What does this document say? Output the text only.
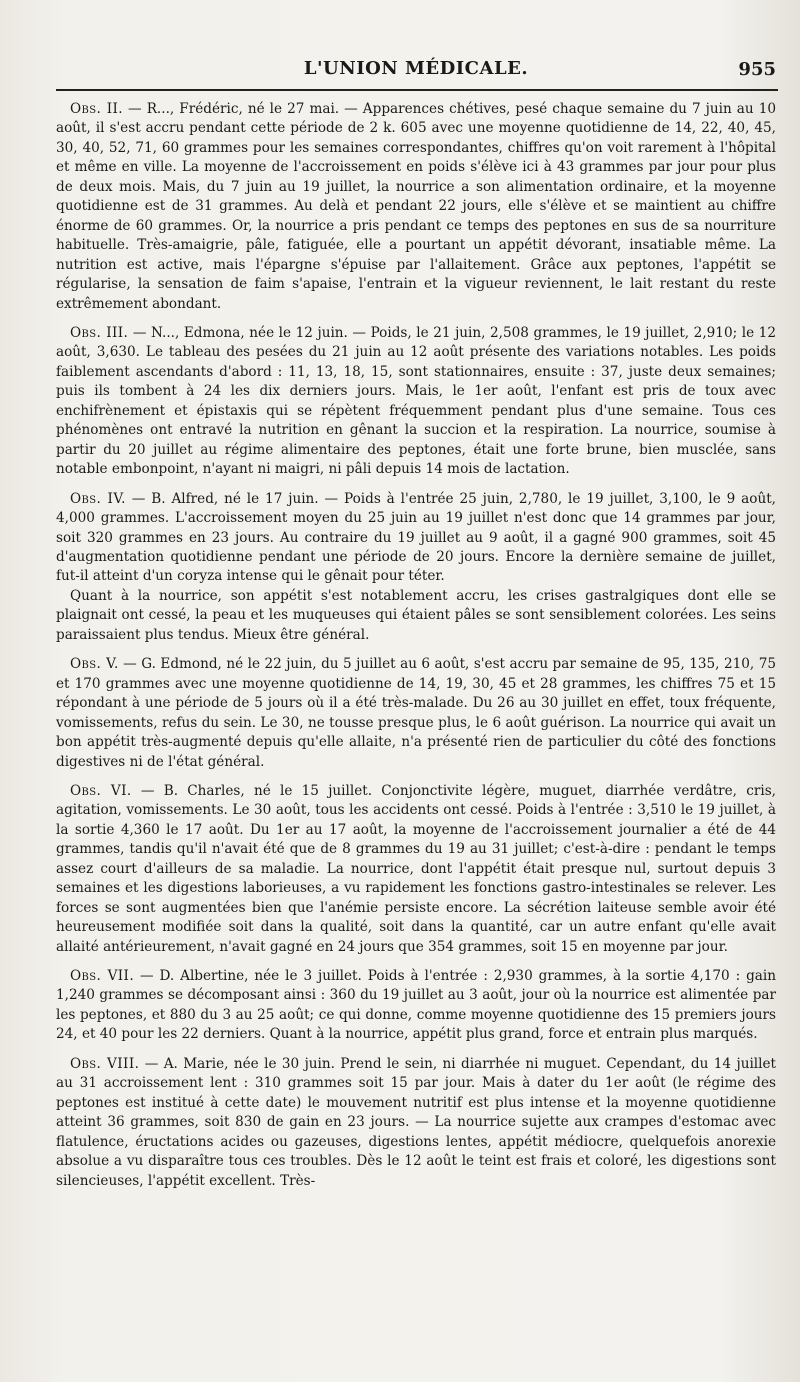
L'UNION MÉDICALE.	955

Obs. II. — R..., Frédéric, né le 27 mai. — Apparences chétives, pesé chaque semaine du 7 juin au 10 août, il s'est accru pendant cette période de 2 k. 605 avec une moyenne quotidienne de 14, 22, 40, 45, 30, 40, 52, 71, 60 grammes pour les semaines correspondantes, chiffres qu'on voit rarement à l'hôpital et même en ville. La moyenne de l'accroissement en poids s'élève ici à 43 grammes par jour pour plus de deux mois. Mais, du 7 juin au 19 juillet, la nourrice a son alimentation ordinaire, et la moyenne quotidienne est de 31 grammes. Au delà et pendant 22 jours, elle s'élève et se maintient au chiffre énorme de 60 grammes. Or, la nourrice a pris pendant ce temps des peptones en sus de sa nourriture habituelle. Très-amaigrie, pâle, fatiguée, elle a pourtant un appétit dévorant, insatiable même. La nutrition est active, mais l'épargne s'épuise par l'allaitement. Grâce aux peptones, l'appétit se régularise, la sensation de faim s'apaise, l'entrain et la vigueur reviennent, le lait restant du reste extrêmement abondant.

Obs. III. — N..., Edmona, née le 12 juin. — Poids, le 21 juin, 2,508 grammes, le 19 juillet, 2,910; le 12 août, 3,630. Le tableau des pesées du 21 juin au 12 août présente des variations notables. Les poids faiblement ascendants d'abord : 11, 13, 18, 15, sont stationnaires, ensuite : 37, juste deux semaines; puis ils tombent à 24 les dix derniers jours. Mais, le 1er août, l'enfant est pris de toux avec enchifrènement et épistaxis qui se répètent fréquemment pendant plus d'une semaine. Tous ces phénomènes ont entravé la nutrition en gênant la succion et la respiration. La nourrice, soumise à partir du 20 juillet au régime alimentaire des peptones, était une forte brune, bien musclée, sans notable embonpoint, n'ayant ni maigri, ni pâli depuis 14 mois de lactation.

Obs. IV. — B. Alfred, né le 17 juin. — Poids à l'entrée 25 juin, 2,780, le 19 juillet, 3,100, le 9 août, 4,000 grammes. L'accroissement moyen du 25 juin au 19 juillet n'est donc que 14 grammes par jour, soit 320 grammes en 23 jours. Au contraire du 19 juillet au 9 août, il a gagné 900 grammes, soit 45 d'augmentation quotidienne pendant une période de 20 jours. Encore la dernière semaine de juillet, fut-il atteint d'un coryza intense qui le gênait pour téter.

Quant à la nourrice, son appétit s'est notablement accru, les crises gastralgiques dont elle se plaignait ont cessé, la peau et les muqueuses qui étaient pâles se sont sensiblement colorées. Les seins paraissaient plus tendus. Mieux être général.

Obs. V. — G. Edmond, né le 22 juin, du 5 juillet au 6 août, s'est accru par semaine de 95, 135, 210, 75 et 170 grammes avec une moyenne quotidienne de 14, 19, 30, 45 et 28 grammes, les chiffres 75 et 15 répondant à une période de 5 jours où il a été très-malade. Du 26 au 30 juillet en effet, toux fréquente, vomissements, refus du sein. Le 30, ne tousse presque plus, le 6 août guérison. La nourrice qui avait un bon appétit très-augmenté depuis qu'elle allaite, n'a présenté rien de particulier du côté des fonctions digestives ni de l'état général.

Obs. VI. — B. Charles, né le 15 juillet. Conjonctivite légère, muguet, diarrhée verdâtre, cris, agitation, vomissements. Le 30 août, tous les accidents ont cessé. Poids à l'entrée : 3,510 le 19 juillet, à la sortie 4,360 le 17 août. Du 1er au 17 août, la moyenne de l'accroissement journalier a été de 44 grammes, tandis qu'il n'avait été que de 8 grammes du 19 au 31 juillet; c'est-à-dire : pendant le temps assez court d'ailleurs de sa maladie. La nourrice, dont l'appétit était presque nul, surtout depuis 3 semaines et les digestions laborieuses, a vu rapidement les fonctions gastro-intestinales se relever. Les forces se sont augmentées bien que l'anémie persiste encore. La sécrétion laiteuse semble avoir été heureusement modifiée soit dans la qualité, soit dans la quantité, car un autre enfant qu'elle avait allaité antérieurement, n'avait gagné en 24 jours que 354 grammes, soit 15 en moyenne par jour.

Obs. VII. — D. Albertine, née le 3 juillet. Poids à l'entrée : 2,930 grammes, à la sortie 4,170 : gain 1,240 grammes se décomposant ainsi : 360 du 19 juillet au 3 août, jour où la nourrice est alimentée par les peptones, et 880 du 3 au 25 août; ce qui donne, comme moyenne quotidienne des 15 premiers jours 24, et 40 pour les 22 derniers. Quant à la nourrice, appétit plus grand, force et entrain plus marqués.

Obs. VIII. — A. Marie, née le 30 juin. Prend le sein, ni diarrhée ni muguet. Cependant, du 14 juillet au 31 accroissement lent : 310 grammes soit 15 par jour. Mais à dater du 1er août (le régime des peptones est institué à cette date) le mouvement nutritif est plus intense et la moyenne quotidienne atteint 36 grammes, soit 830 de gain en 23 jours. — La nourrice sujette aux crampes d'estomac avec flatulence, éructations acides ou gazeuses, digestions lentes, appétit médiocre, quelquefois anorexie absolue a vu disparaître tous ces troubles. Dès le 12 août le teint est frais et coloré, les digestions sont silencieuses, l'appétit excellent. Très-
